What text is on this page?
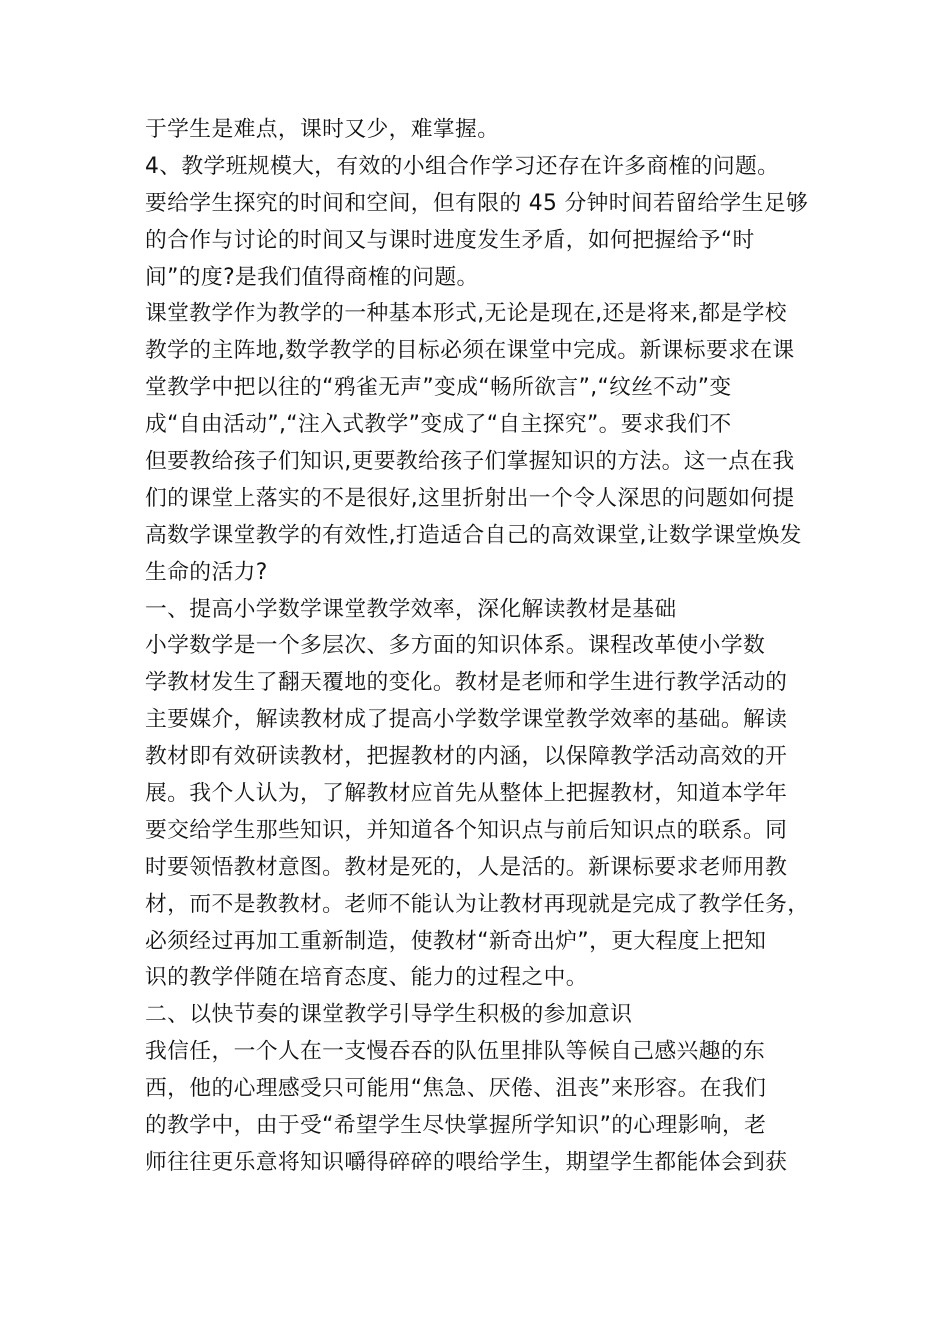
于学生是难点，课时又少，难掌握。
4、教学班规模大，有效的小组合作学习还存在许多商榷的问题。
要给学生探究的时间和空间，但有限的 45 分钟时间若留给学生足够
的合作与讨论的时间又与课时进度发生矛盾，如何把握给予“时
间”的度?是我们值得商榷的问题。
课堂教学作为教学的一种基本形式,无论是现在,还是将来,都是学校
教学的主阵地,数学教学的目标必须在课堂中完成。新课标要求在课
堂教学中把以往的“鸦雀无声”变成“畅所欲言”,“纹丝不动”变
成“自由活动”,“注入式教学”变成了“自主探究”。要求我们不
但要教给孩子们知识,更要教给孩子们掌握知识的方法。这一点在我
们的课堂上落实的不是很好,这里折射出一个令人深思的问题如何提
高数学课堂教学的有效性,打造适合自己的高效课堂,让数学课堂焕发
生命的活力?
一、提高小学数学课堂教学效率，深化解读教材是基础
小学数学是一个多层次、多方面的知识体系。课程改革使小学数
学教材发生了翻天覆地的变化。教材是老师和学生进行教学活动的
主要媒介，解读教材成了提高小学数学课堂教学效率的基础。解读
教材即有效研读教材，把握教材的内涵，以保障教学活动高效的开
展。我个人认为，了解教材应首先从整体上把握教材，知道本学年
要交给学生那些知识，并知道各个知识点与前后知识点的联系。同
时要领悟教材意图。教材是死的，人是活的。新课标要求老师用教
材，而不是教教材。老师不能认为让教材再现就是完成了教学任务，
必须经过再加工重新制造，使教材“新奇出炉”，更大程度上把知
识的教学伴随在培育态度、能力的过程之中。
二、以快节奏的课堂教学引导学生积极的参加意识
我信任，一个人在一支慢吞吞的队伍里排队等候自己感兴趣的东
西，他的心理感受只可能用“焦急、厌倦、沮丧”来形容。在我们
的教学中，由于受“希望学生尽快掌握所学知识”的心理影响，老
师往往更乐意将知识嚼得碎碎的喂给学生，期望学生都能体会到获
